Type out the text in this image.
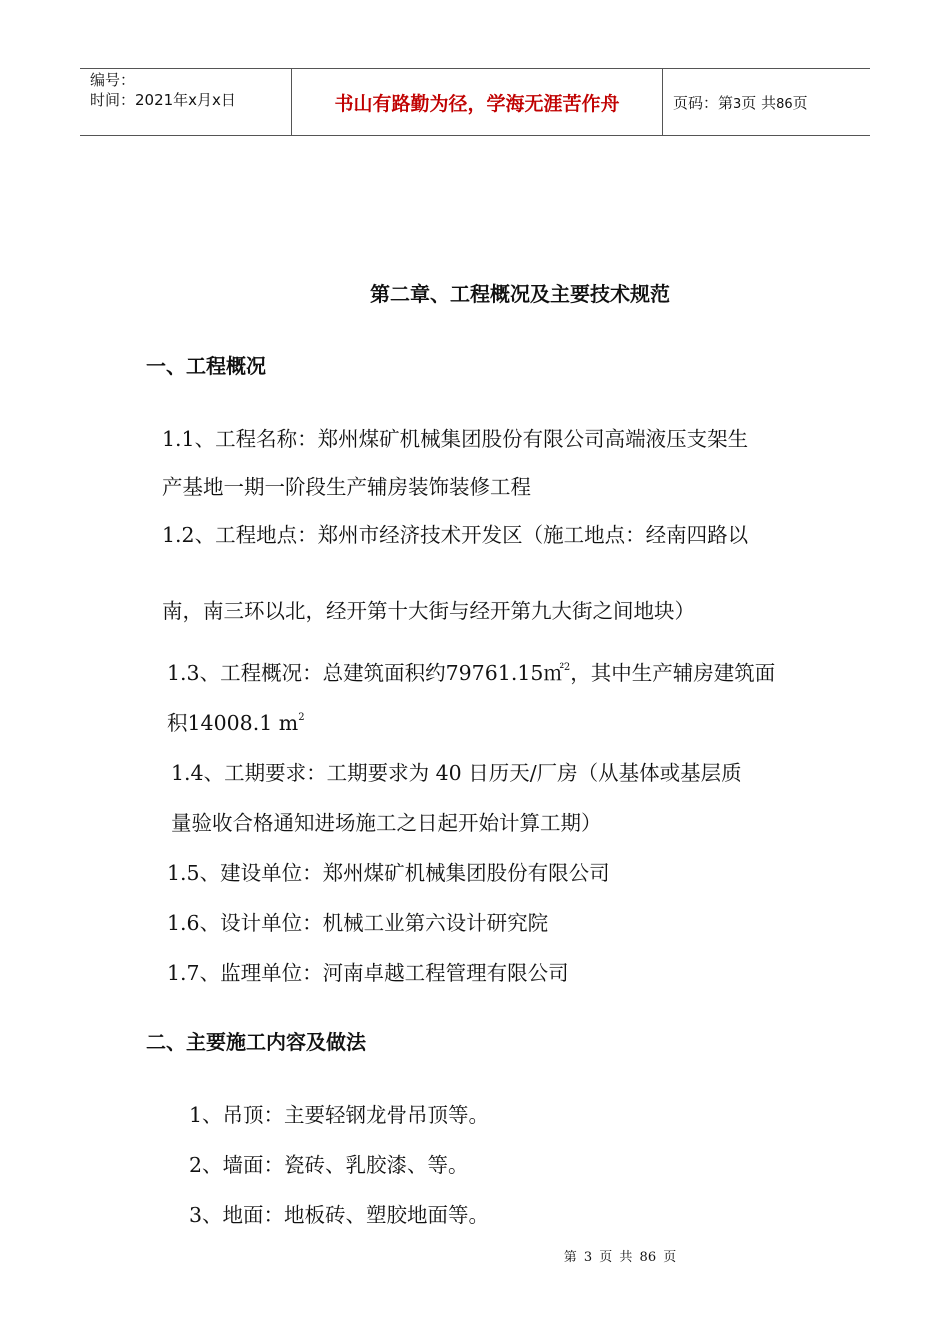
编号：
时间：2021年x月x日	书山有路勤为径，学海无涯苦作舟	页码：第3页 共86页
第二章、工程概况及主要技术规范
一、工程概况
1.1、工程名称：郑州煤矿机械集团股份有限公司高端液压支架生
产基地一期一阶段生产辅房装饰装修工程
1.2、工程地点：郑州市经济技术开发区（施工地点：经南四路以
南，南三环以北，经开第十大街与经开第九大街之间地块）
1.3、工程概况：总建筑面积约79761.15㎡$^2$，其中生产辅房建筑面
积14008.1 $m^2$
1.4、工期要求：工期要求为 40 日历天/厂房（从基体或基层质
量验收合格通知进场施工之日起开始计算工期）
1.5、建设单位：郑州煤矿机械集团股份有限公司
1.6、设计单位：机械工业第六设计研究院
1.7、监理单位：河南卓越工程管理有限公司
二、主要施工内容及做法
1、吊顶：主要轻钢龙骨吊顶等。
2、墙面：瓷砖、乳胶漆、等。
3、地面：地板砖、塑胶地面等。
第 3 页 共 86 页
